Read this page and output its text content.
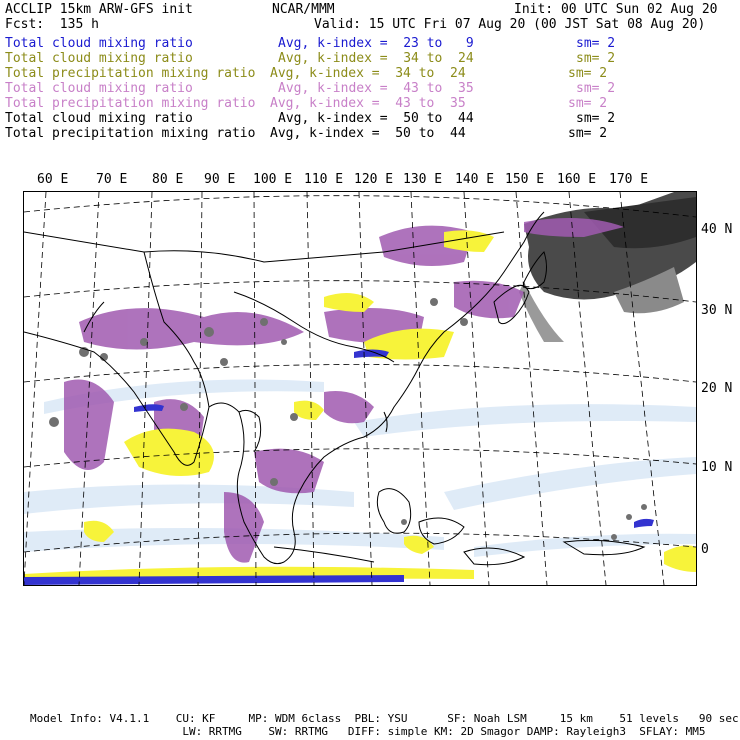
ACCLIP 15km ARW-GFS init	NCAR/MMM	Init: 00 UTC Sun 02 Aug 20
Fcst:  135 h	Valid: 15 UTC Fri 07 Aug 20 (00 JST Sat 08 Aug 20)
Total cloud mixing ratio	Avg, k-index =  23 to   9	sm= 2
Total cloud mixing ratio	Avg, k-index =  34 to  24	sm= 2
Total precipitation mixing ratio Avg, k-index =  34 to  24	sm= 2
Total cloud mixing ratio	Avg, k-index =  43 to  35	sm= 2
Total precipitation mixing ratio Avg, k-index =  43 to  35	sm= 2
Total cloud mixing ratio	Avg, k-index =  50 to  44	sm= 2
Total precipitation mixing ratio Avg, k-index =  50 to  44	sm= 2
60 E 70 E 80 E 90 E 100 E 110 E 120 E 130 E 140 E 150 E 160 E 170 E
40 N
30 N
20 N
10 N
0
Model Info: V4.1.1    CU: KF     MP: WDM 6class  PBL: YSU      SF: Noah LSM     15 km    51 levels   90 sec
LW: RRTMG    SW: RRTMG   DIFF: simple KM: 2D Smagor DAMP: Rayleigh3  SFLAY: MM5
